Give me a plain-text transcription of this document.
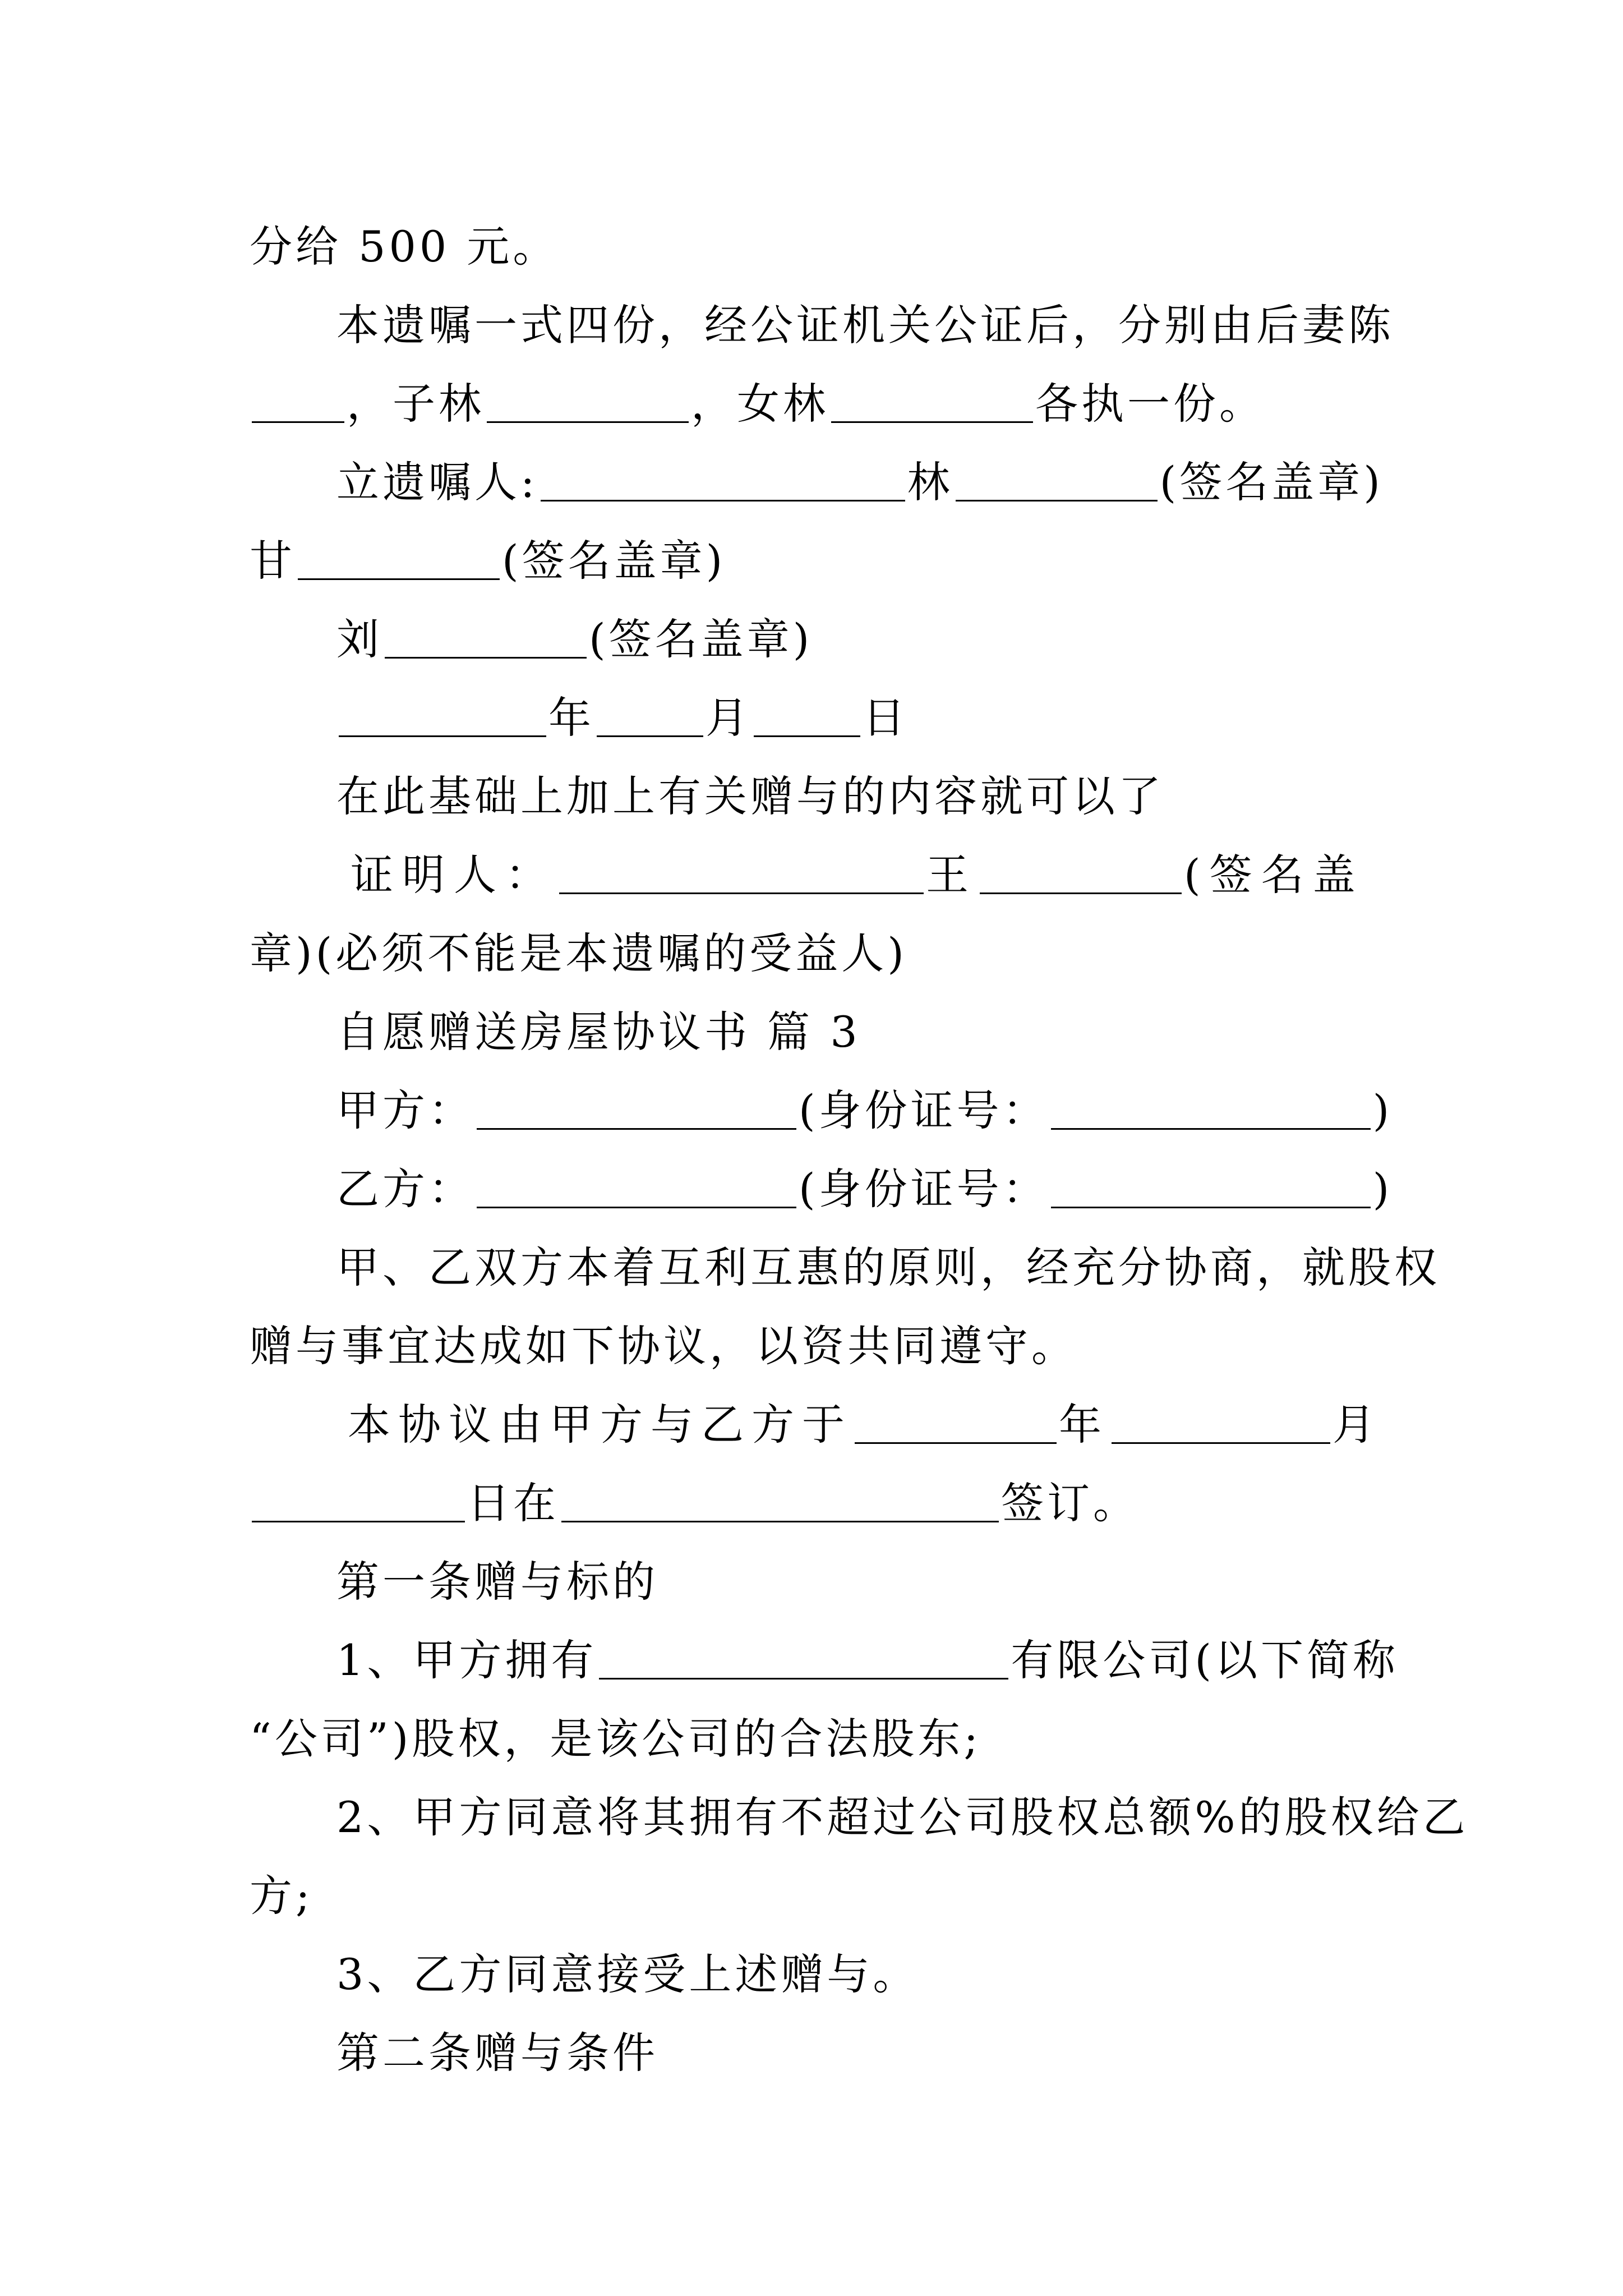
分给 500 元。
本遗嘱一式四份，经公证机关公证后，分别由后妻陈
，子林	，女林	各执一份。
立遗嘱人:	林	(签名盖章)
甘	(签名盖章)
刘	(签名盖章)
年	月	日
在此基础上加上有关赠与的内容就可以了
证明人：	王	(签名盖
章)(必须不能是本遗嘱的受益人)
自愿赠送房屋协议书 篇 3
甲方：	(身份证号：	)
乙方：	(身份证号：	)
甲、乙双方本着互利互惠的原则，经充分协商，就股权
赠与事宜达成如下协议，以资共同遵守。
本协议由甲方与乙方于	年	月
日在	签订。
第一条赠与标的
1、甲方拥有	有限公司(以下简称
“公司”)股权，是该公司的合法股东;
2、甲方同意将其拥有不超过公司股权总额%的股权给乙
方;
3、乙方同意接受上述赠与。
第二条赠与条件
